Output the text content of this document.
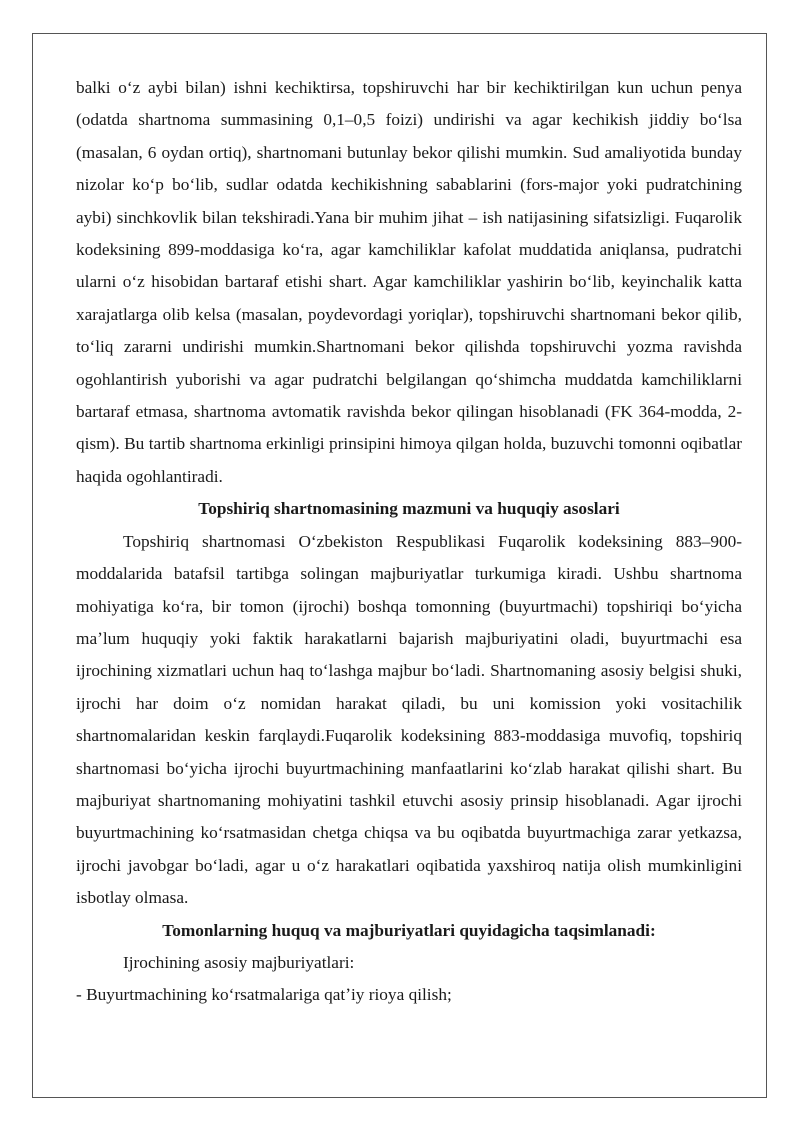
balki oʻz aybi bilan) ishni kechiktirsa, topshiruvchi har bir kechiktirilgan kun uchun penya (odatda shartnoma summasining 0,1–0,5 foizi) undirishi va agar kechikish jiddiy boʻlsa (masalan, 6 oydan ortiq), shartnomani butunlay bekor qilishi mumkin. Sud amaliyotida bunday nizolar koʻp boʻlib, sudlar odatda kechikishning sabablarini (fors-major yoki pudratchining aybi) sinchkovlik bilan tekshiradi.Yana bir muhim jihat – ish natijasining sifatsizligi. Fuqarolik kodeksining 899-moddasiga koʻra, agar kamchiliklar kafolat muddatida aniqlansa, pudratchi ularni oʻz hisobidan bartaraf etishi shart. Agar kamchiliklar yashirin boʻlib, keyinchalik katta xarajatlarga olib kelsa (masalan, poydevordagi yoriqlar), topshiruvchi shartnomani bekor qilib, toʻliq zararni undirishi mumkin.Shartnomani bekor qilishda topshiruvchi yozma ravishda ogohlantirish yuborishi va agar pudratchi belgilangan qoʻshimcha muddatda kamchiliklarni bartaraf etmasa, shartnoma avtomatik ravishda bekor qilingan hisoblanadi (FK 364-modda, 2-qism). Bu tartib shartnoma erkinligi prinsipini himoya qilgan holda, buzuvchi tomonni oqibatlar haqida ogohlantiradi.

Topshiriq shartnomasining mazmuni va huquqiy asoslari

Topshiriq shartnomasi Oʻzbekiston Respublikasi Fuqarolik kodeksining 883–900-moddalarida batafsil tartibga solingan majburiyatlar turkumiga kiradi. Ushbu shartnoma mohiyatiga koʻra, bir tomon (ijrochi) boshqa tomonning (buyurtmachi) topshiriqi boʻyicha maʼlum huquqiy yoki faktik harakatlarni bajarish majburiyatini oladi, buyurtmachi esa ijrochining xizmatlari uchun haq toʻlashga majbur boʻladi. Shartnomaning asosiy belgisi shuki, ijrochi har doim oʻz nomidan harakat qiladi, bu uni komission yoki vositachilik shartnomalaridan keskin farqlaydi.Fuqarolik kodeksining 883-moddasiga muvofiq, topshiriq shartnomasi boʻyicha ijrochi buyurtmachining manfaatlarini koʻzlab harakat qilishi shart. Bu majburiyat shartnomaning mohiyatini tashkil etuvchi asosiy prinsip hisoblanadi. Agar ijrochi buyurtmachining koʻrsatmasidan chetga chiqsa va bu oqibatda buyurtmachiga zarar yetkazsa, ijrochi javobgar boʻladi, agar u oʻz harakatlari oqibatida yaxshiroq natija olish mumkinligini isbotlay olmasa.

Tomonlarning huquq va majburiyatlari quyidagicha taqsimlanadi:

Ijrochining asosiy majburiyatlari:

- Buyurtmachining koʻrsatmalariga qatʼiy rioya qilish;
